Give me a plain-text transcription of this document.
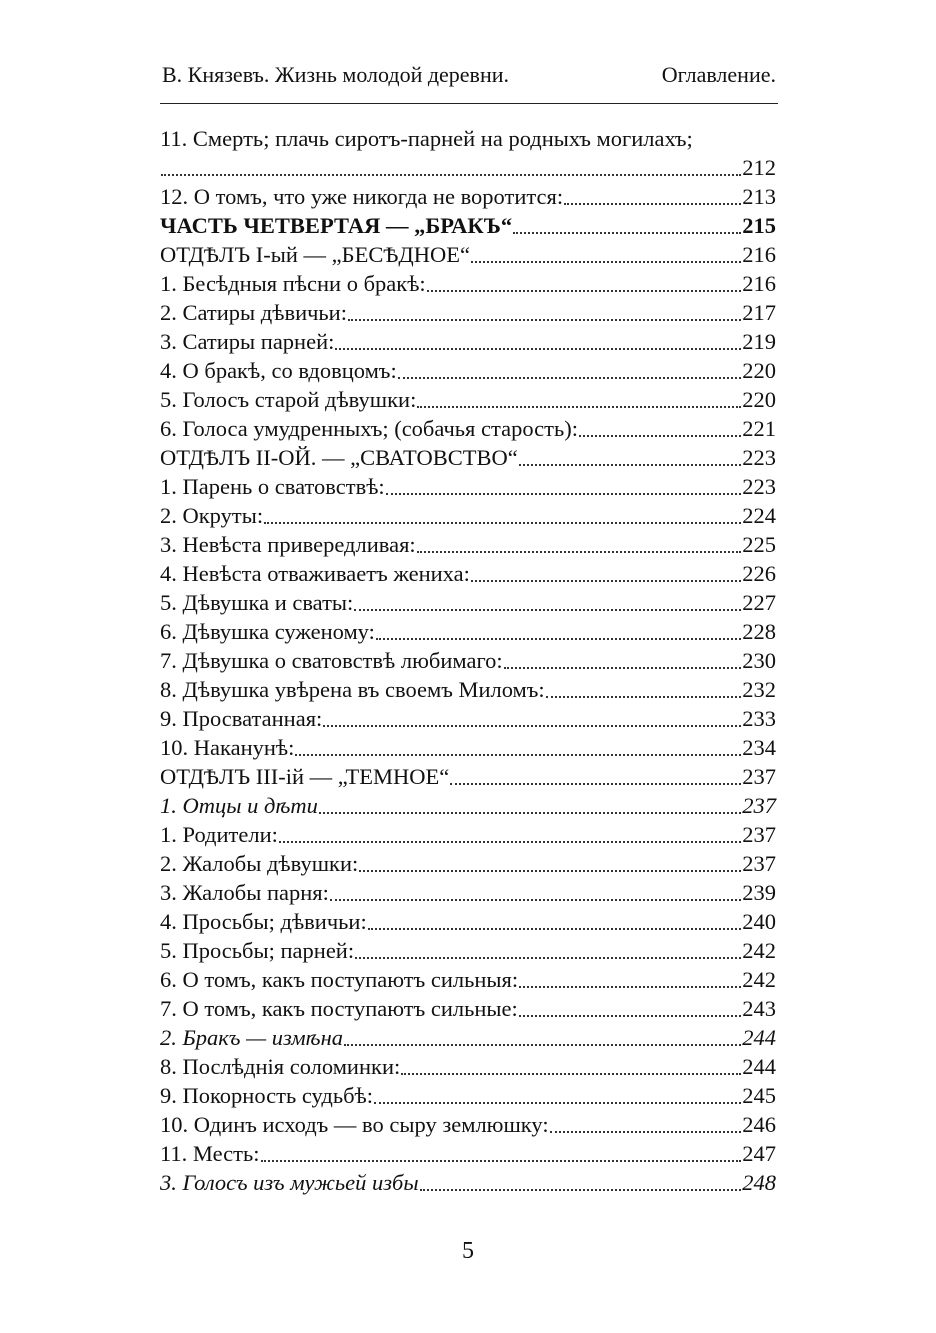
В. Князевъ. Жизнь молодой деревни.	Оглавление.
11. Смерть; плачь сиротъ-парней на родныхъ могилахъ;
212
12. О томъ, что уже никогда не воротится:	213
ЧАСТЬ ЧЕТВЕРТАЯ — „БРАКЪ“	215
ОТДѢЛЪ I-ый — „БЕСѢДНОЕ“	216
1. Бесѣдныя пѣсни о бракѣ:	216
2. Сатиры дѣвичьи:	217
3. Сатиры парней:	219
4. О бракѣ, со вдовцомъ:	220
5. Голосъ старой дѣвушки:	220
6. Голоса умудренныхъ; (собачья старость):	221
ОТДѢЛЪ II-ОЙ. — „СВАТОВСТВО“	223
1. Парень о сватовствѣ:	223
2. Окруты:	224
3. Невѣста привередливая:	225
4. Невѣста отваживаетъ жениха:	226
5. Дѣвушка и сваты:	227
6. Дѣвушка суженому:	228
7. Дѣвушка о сватовствѣ любимаго:	230
8. Дѣвушка увѣрена въ своемъ Миломъ:	232
9. Просватанная:	233
10. Наканунѣ:	234
ОТДѢЛЪ III-ій — „ТЕМНОЕ“	237
1. Отцы и дѣти	237
1. Родители:	237
2. Жалобы дѣвушки:	237
3. Жалобы парня:	239
4. Просьбы; дѣвичьи:	240
5. Просьбы; парней:	242
6. О томъ, какъ поступаютъ сильныя:	242
7. О томъ, какъ поступаютъ сильные:	243
2. Бракъ — измѣна	244
8. Послѣднія соломинки:	244
9. Покорность судьбѣ:	245
10. Одинъ исходъ — во сыру землюшку:	246
11. Месть:	247
3. Голосъ изъ мужьей избы	248
5
